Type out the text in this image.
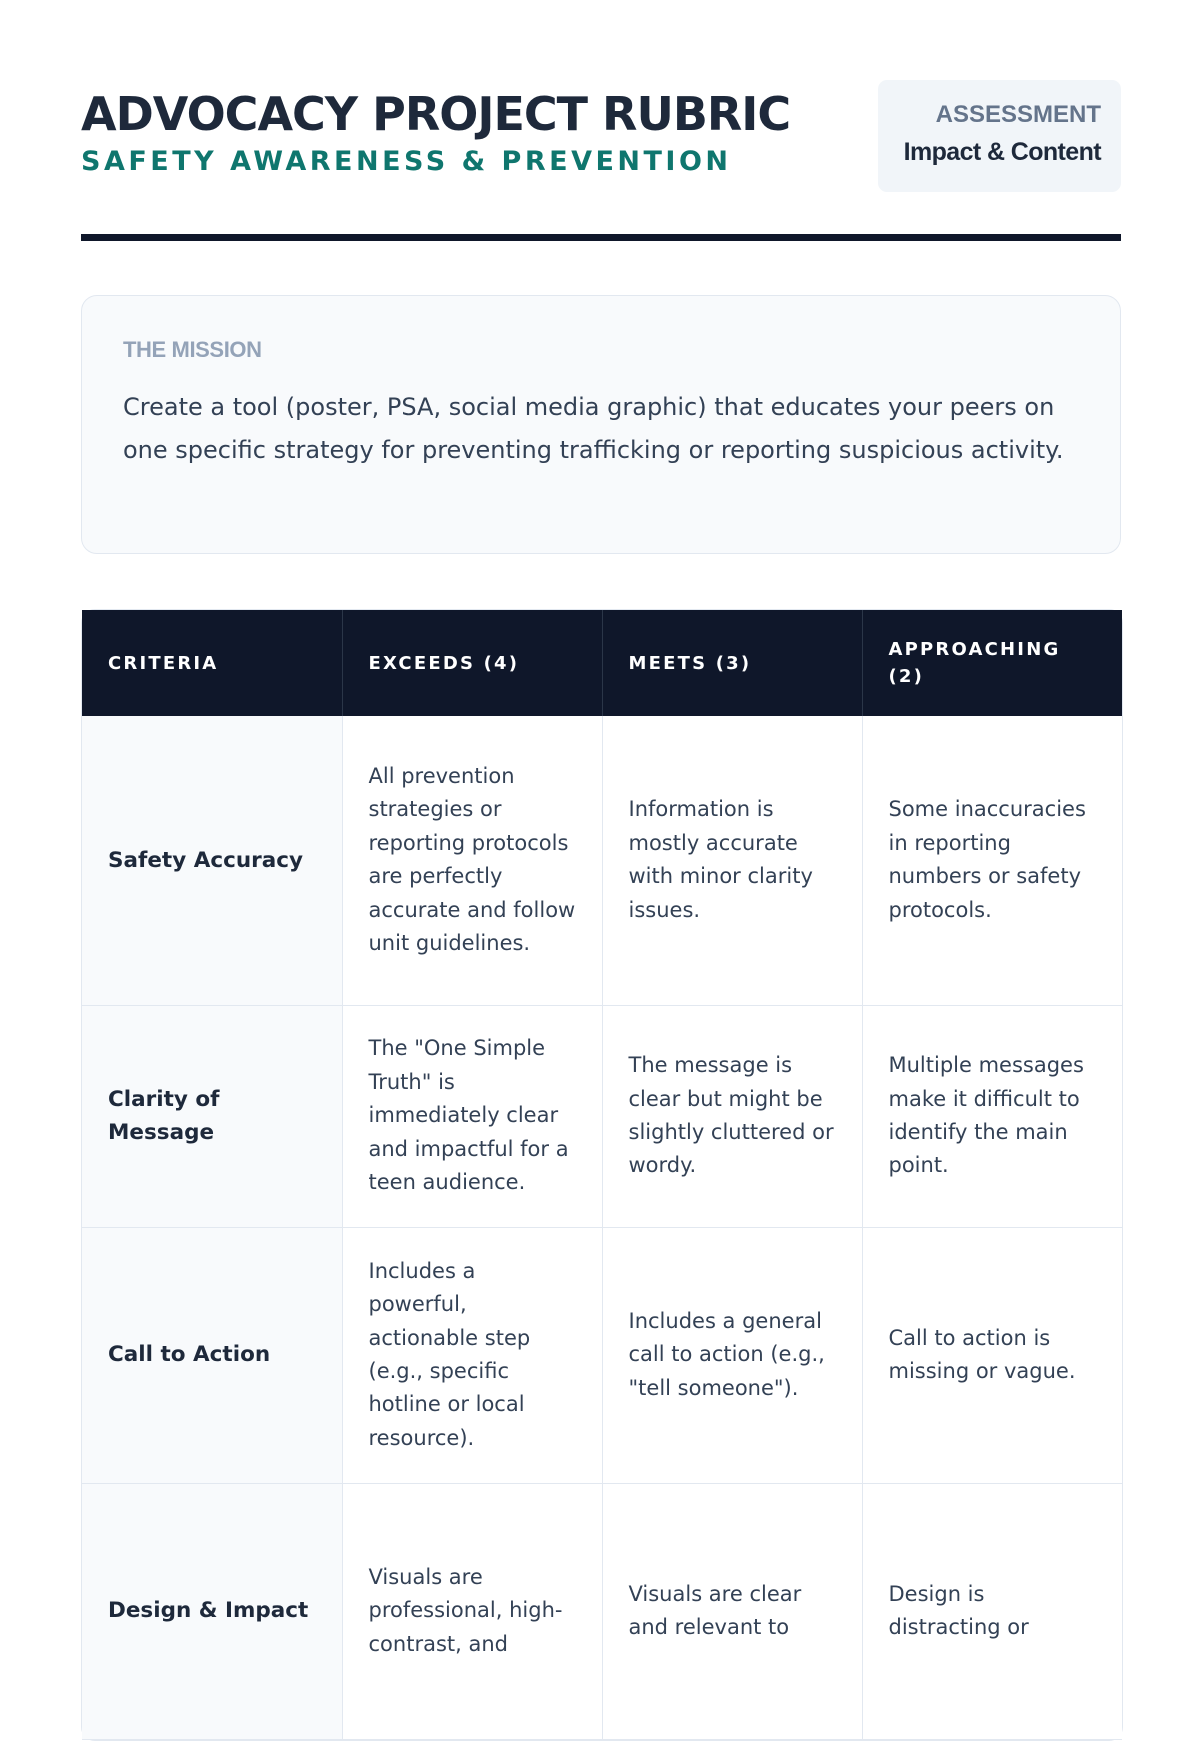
ADVOCACY PROJECT RUBRIC
SAFETY AWARENESS & PREVENTION
ASSESSMENT
Impact & Content
THE MISSION
Create a tool (poster, PSA, social media graphic) that educates your peers on one specific strategy for preventing trafficking or reporting suspicious activity.
CRITERIA	EXCEEDS (4)	MEETS (3)	APPROACHING (2)
Safety Accuracy	All prevention strategies or reporting protocols are perfectly accurate and follow unit guidelines.	Information is mostly accurate with minor clarity issues.	Some inaccuracies in reporting numbers or safety protocols.
Clarity of Message	The "One Simple Truth" is immediately clear and impactful for a teen audience.	The message is clear but might be slightly cluttered or wordy.	Multiple messages make it difficult to identify the main point.
Call to Action	Includes a powerful, actionable step (e.g., specific hotline or local resource).	Includes a general call to action (e.g., "tell someone").	Call to action is missing or vague.
Design & Impact	Visuals are professional, high-contrast, and	Visuals are clear and relevant to	Design is distracting or
